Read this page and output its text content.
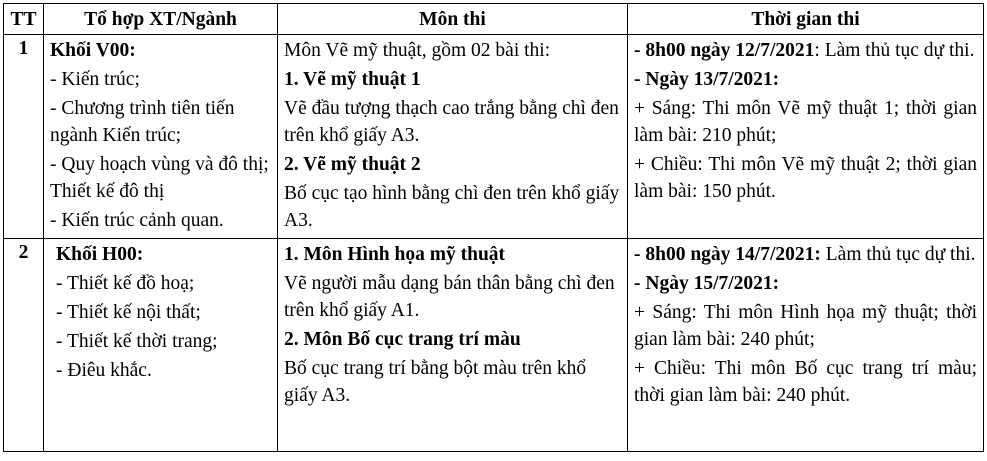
TT	Tổ hợp XT/Ngành	Môn thi	Thời gian thi
1	Khối V00:
- Kiến trúc;
- Chương trình tiên tiến ngành Kiến trúc;
- Quy hoạch vùng và đô thị; Thiết kế đô thị
- Kiến trúc cảnh quan.	Môn Vẽ mỹ thuật, gồm 02 bài thi:
1. Vẽ mỹ thuật 1
Vẽ đầu tượng thạch cao trắng bằng chì đen trên khổ giấy A3.
2. Vẽ mỹ thuật 2
Bố cục tạo hình bằng chì đen trên khổ giấy A3.	- 8h00 ngày 12/7/2021: Làm thủ tục dự thi.
- Ngày 13/7/2021:
+ Sáng: Thi môn Vẽ mỹ thuật 1; thời gian làm bài: 210 phút;
+ Chiều: Thi môn Vẽ mỹ thuật 2; thời gian làm bài: 150 phút.

2	Khối H00:
- Thiết kế đồ hoạ;
- Thiết kế nội thất;
- Thiết kế thời trang;
- Điêu khắc.	1. Môn Hình họa mỹ thuật
Vẽ người mẫu dạng bán thân bằng chì đen trên khổ giấy A1.
2. Môn Bố cục trang trí màu
Bố cục trang trí bằng bột màu trên khổ giấy A3.	- 8h00 ngày 14/7/2021: Làm thủ tục dự thi.
- Ngày 15/7/2021:
+ Sáng: Thi môn Hình họa mỹ thuật; thời gian làm bài: 240 phút;
+ Chiều: Thi môn Bố cục trang trí màu; thời gian làm bài: 240 phút.
